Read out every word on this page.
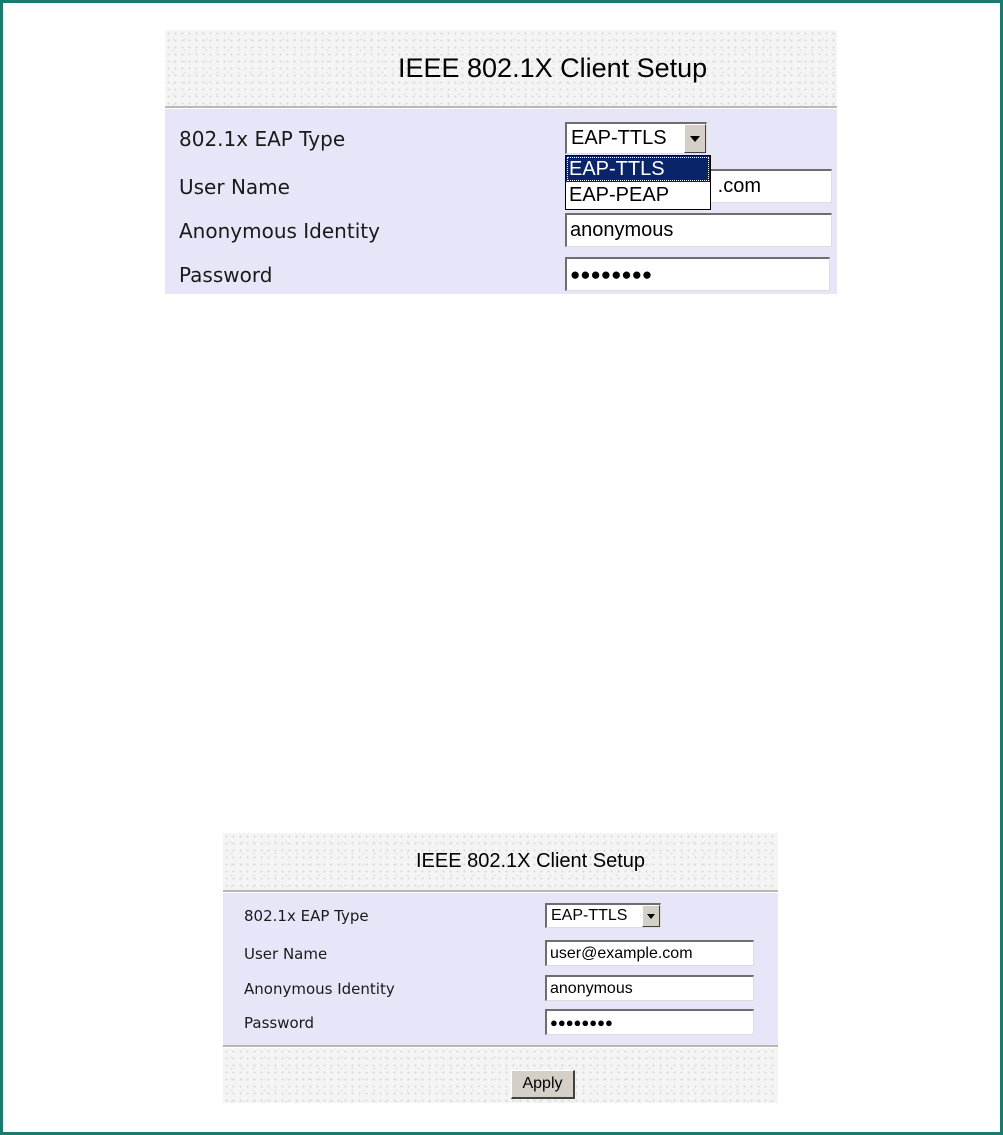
IEEE 802.1X Client Setup
802.1x EAP Type	EAP-TTLS
User Name	.com
Anonymous Identity	anonymous
Password	●●●●●●●●
EAP-TTLS
EAP-PEAP
IEEE 802.1X Client Setup
802.1x EAP Type	EAP-TTLS
User Name	user@example.com
Anonymous Identity	anonymous
Password	●●●●●●●●
Apply
